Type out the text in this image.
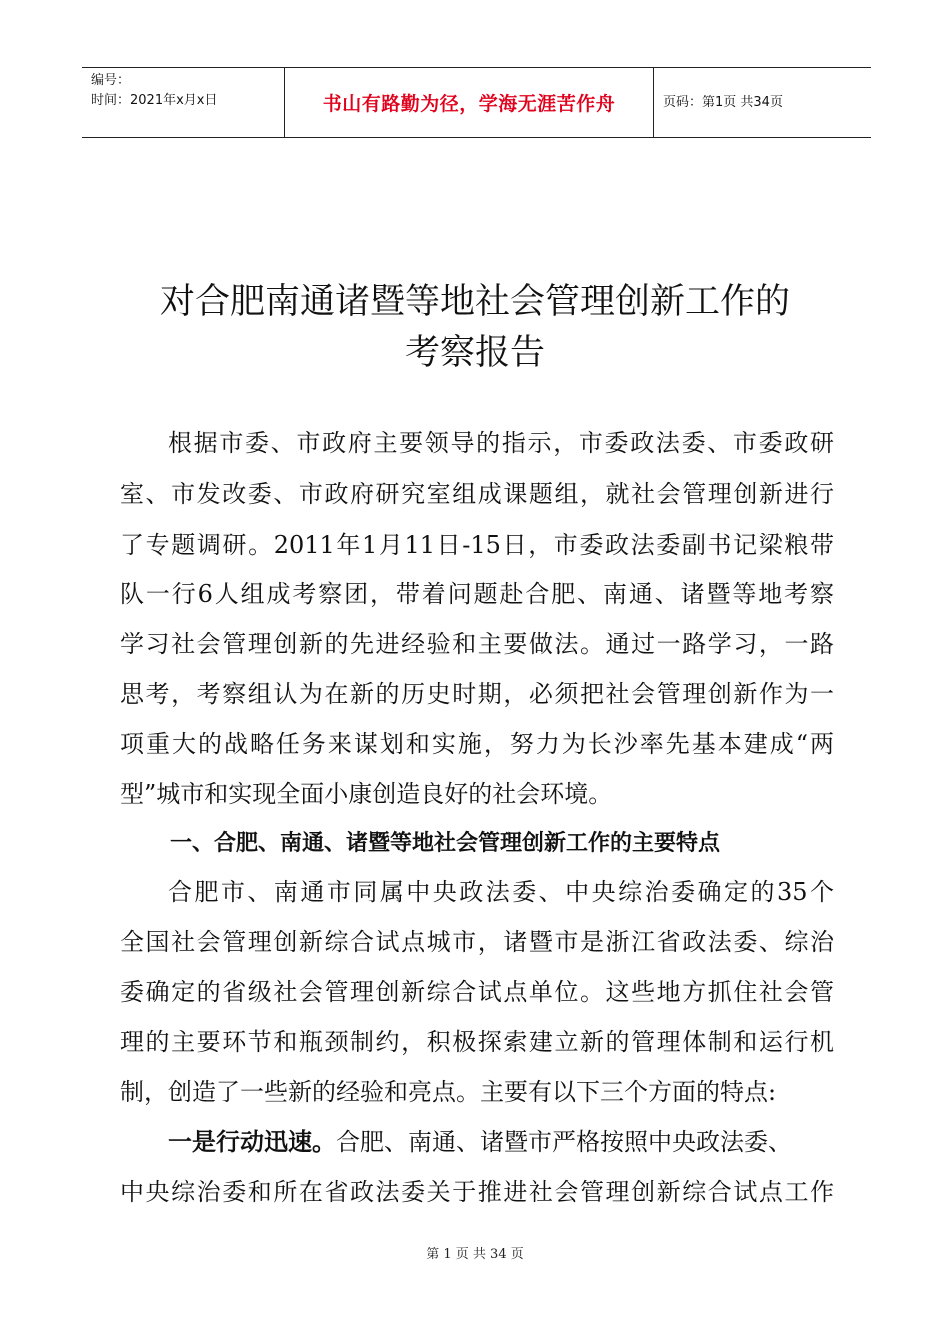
编号：
时间：2021年x月x日	书山有路勤为径，学海无涯苦作舟	页码：第1页 共34页
对合肥南通诸暨等地社会管理创新工作的
考察报告
根据市委、市政府主要领导的指示，市委政法委、市委政研
室、市发改委、市政府研究室组成课题组，就社会管理创新进行
了专题调研。2011年1月11日-15日，市委政法委副书记梁粮带
队一行6人组成考察团，带着问题赴合肥、南通、诸暨等地考察
学习社会管理创新的先进经验和主要做法。通过一路学习，一路
思考，考察组认为在新的历史时期，必须把社会管理创新作为一
项重大的战略任务来谋划和实施，努力为长沙率先基本建成“两
型”城市和实现全面小康创造良好的社会环境。
一、合肥、南通、诸暨等地社会管理创新工作的主要特点
合肥市、南通市同属中央政法委、中央综治委确定的35个
全国社会管理创新综合试点城市，诸暨市是浙江省政法委、综治
委确定的省级社会管理创新综合试点单位。这些地方抓住社会管
理的主要环节和瓶颈制约，积极探索建立新的管理体制和运行机
制，创造了一些新的经验和亮点。主要有以下三个方面的特点:
一是行动迅速。合肥、南通、诸暨市严格按照中央政法委、
中央综治委和所在省政法委关于推进社会管理创新综合试点工作
第 1 页 共 34 页
